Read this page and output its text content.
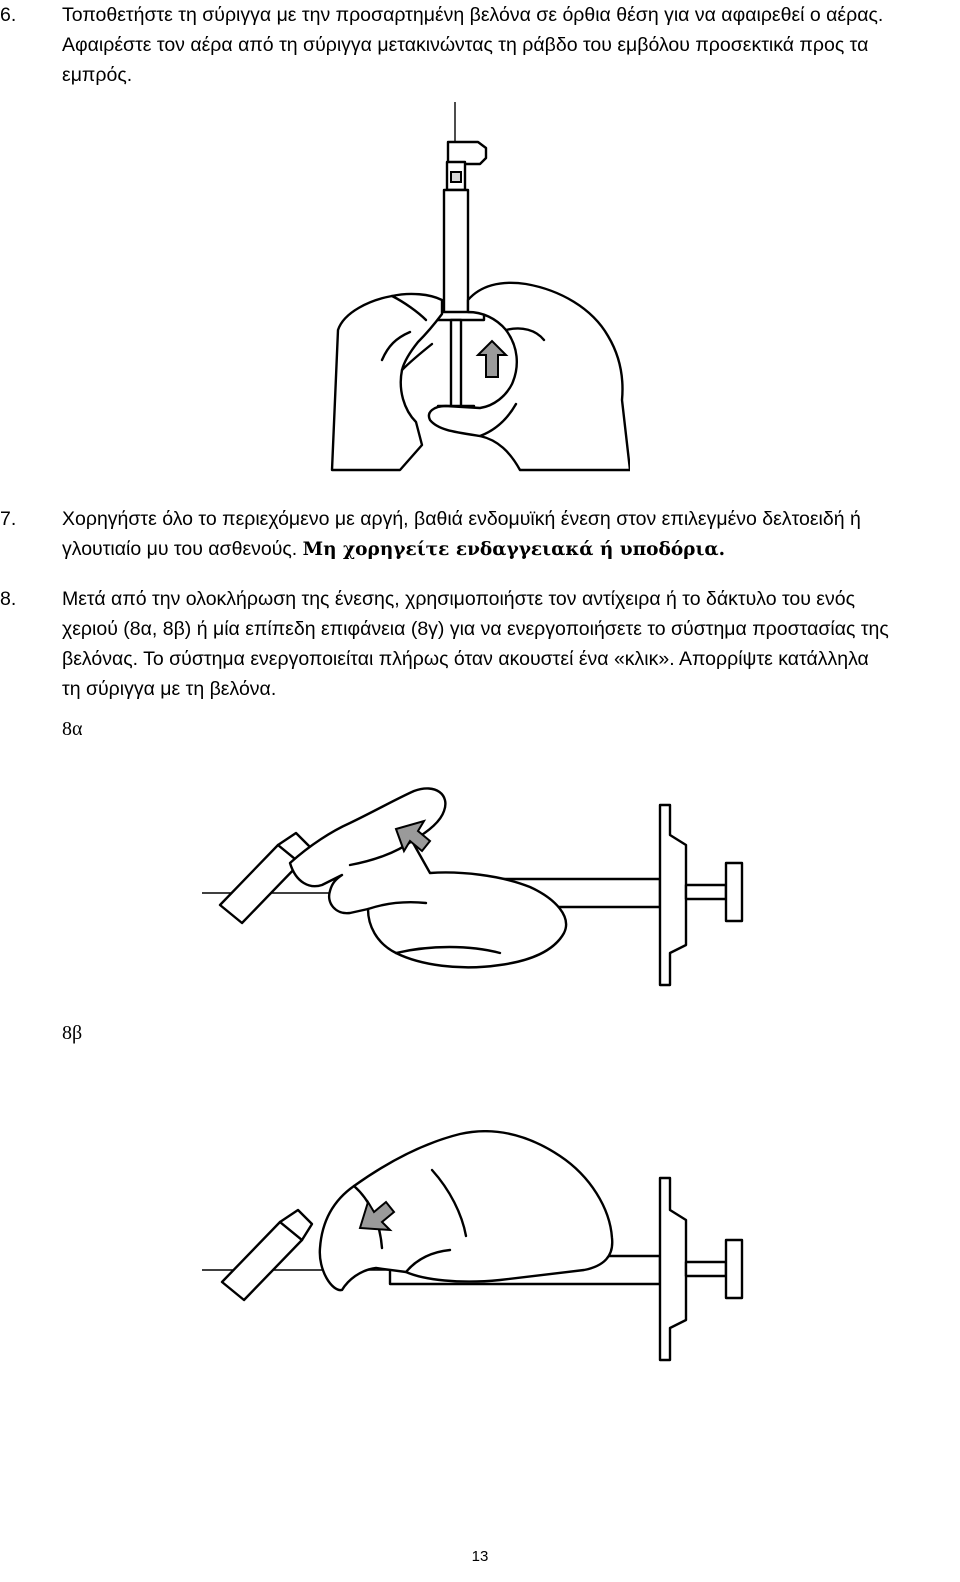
6. Τοποθετήστε τη σύριγγα με την προσαρτημένη βελόνα σε όρθια θέση για να αφαιρεθεί ο αέρας.
Αφαιρέστε τον αέρα από τη σύριγγα μετακινώντας τη ράβδο του εμβόλου προσεκτικά προς τα
εμπρός.
7. Χορηγήστε όλο το περιεχόμενο με αργή, βαθιά ενδομυϊκή ένεση στον επιλεγμένο δελτοειδή ή
γλουτιαίο μυ του ασθενούς. Μη χορηγείτε ενδαγγειακά ή υποδόρια.
8. Μετά από την ολοκλήρωση της ένεσης, χρησιμοποιήστε τον αντίχειρα ή το δάκτυλο του ενός
χεριού (8α, 8β) ή μία επίπεδη επιφάνεια (8γ) για να ενεργοποιήσετε το σύστημα προστασίας της
βελόνας. Το σύστημα ενεργοποιείται πλήρως όταν ακουστεί ένα «κλικ». Απορρίψτε κατάλληλα
τη σύριγγα με τη βελόνα.
8α
8β
13
